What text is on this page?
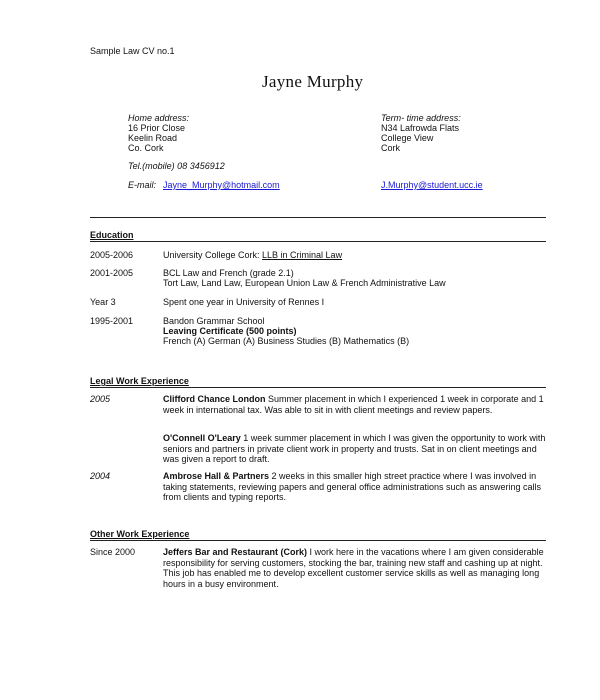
Sample Law CV no.1
Jayne Murphy
Home address:
16 Prior Close
Keelin Road
Co. Cork
Term- time address:
N34 Lafrowda Flats
College View
Cork
Tel.(mobile) 08 3456912
E-mail: Jayne_Murphy@hotmail.com	J.Murphy@student.ucc.ie
Education
2005-2006	University College Cork: LLB in Criminal Law
2001-2005	BCL Law and French (grade 2.1)
Tort Law, Land Law, European Union Law & French Administrative Law
Year 3	Spent one year in University of Rennes I
1995-2001	Bandon Grammar School
Leaving Certificate (500 points)
French (A) German (A) Business Studies (B) Mathematics (B)
Legal Work Experience
2005	Clifford Chance London Summer placement in which I experienced 1 week in corporate and 1 week in international tax. Was able to sit in with client meetings and review papers.
O'Connell O'Leary 1 week summer placement in which I was given the opportunity to work with seniors and partners in private client work in property and trusts. Sat in on client meetings and was given a report to draft.
2004	Ambrose Hall & Partners 2 weeks in this smaller high street practice where I was involved in taking statements, reviewing papers and general office administrations such as answering calls from clients and typing reports.
Other Work Experience
Since 2000	Jeffers Bar and Restaurant (Cork) I work here in the vacations where I am given considerable responsibility for serving customers, stocking the bar, training new staff and cashing up at night. This job has enabled me to develop excellent customer service skills as well as managing long hours in a busy environment.
